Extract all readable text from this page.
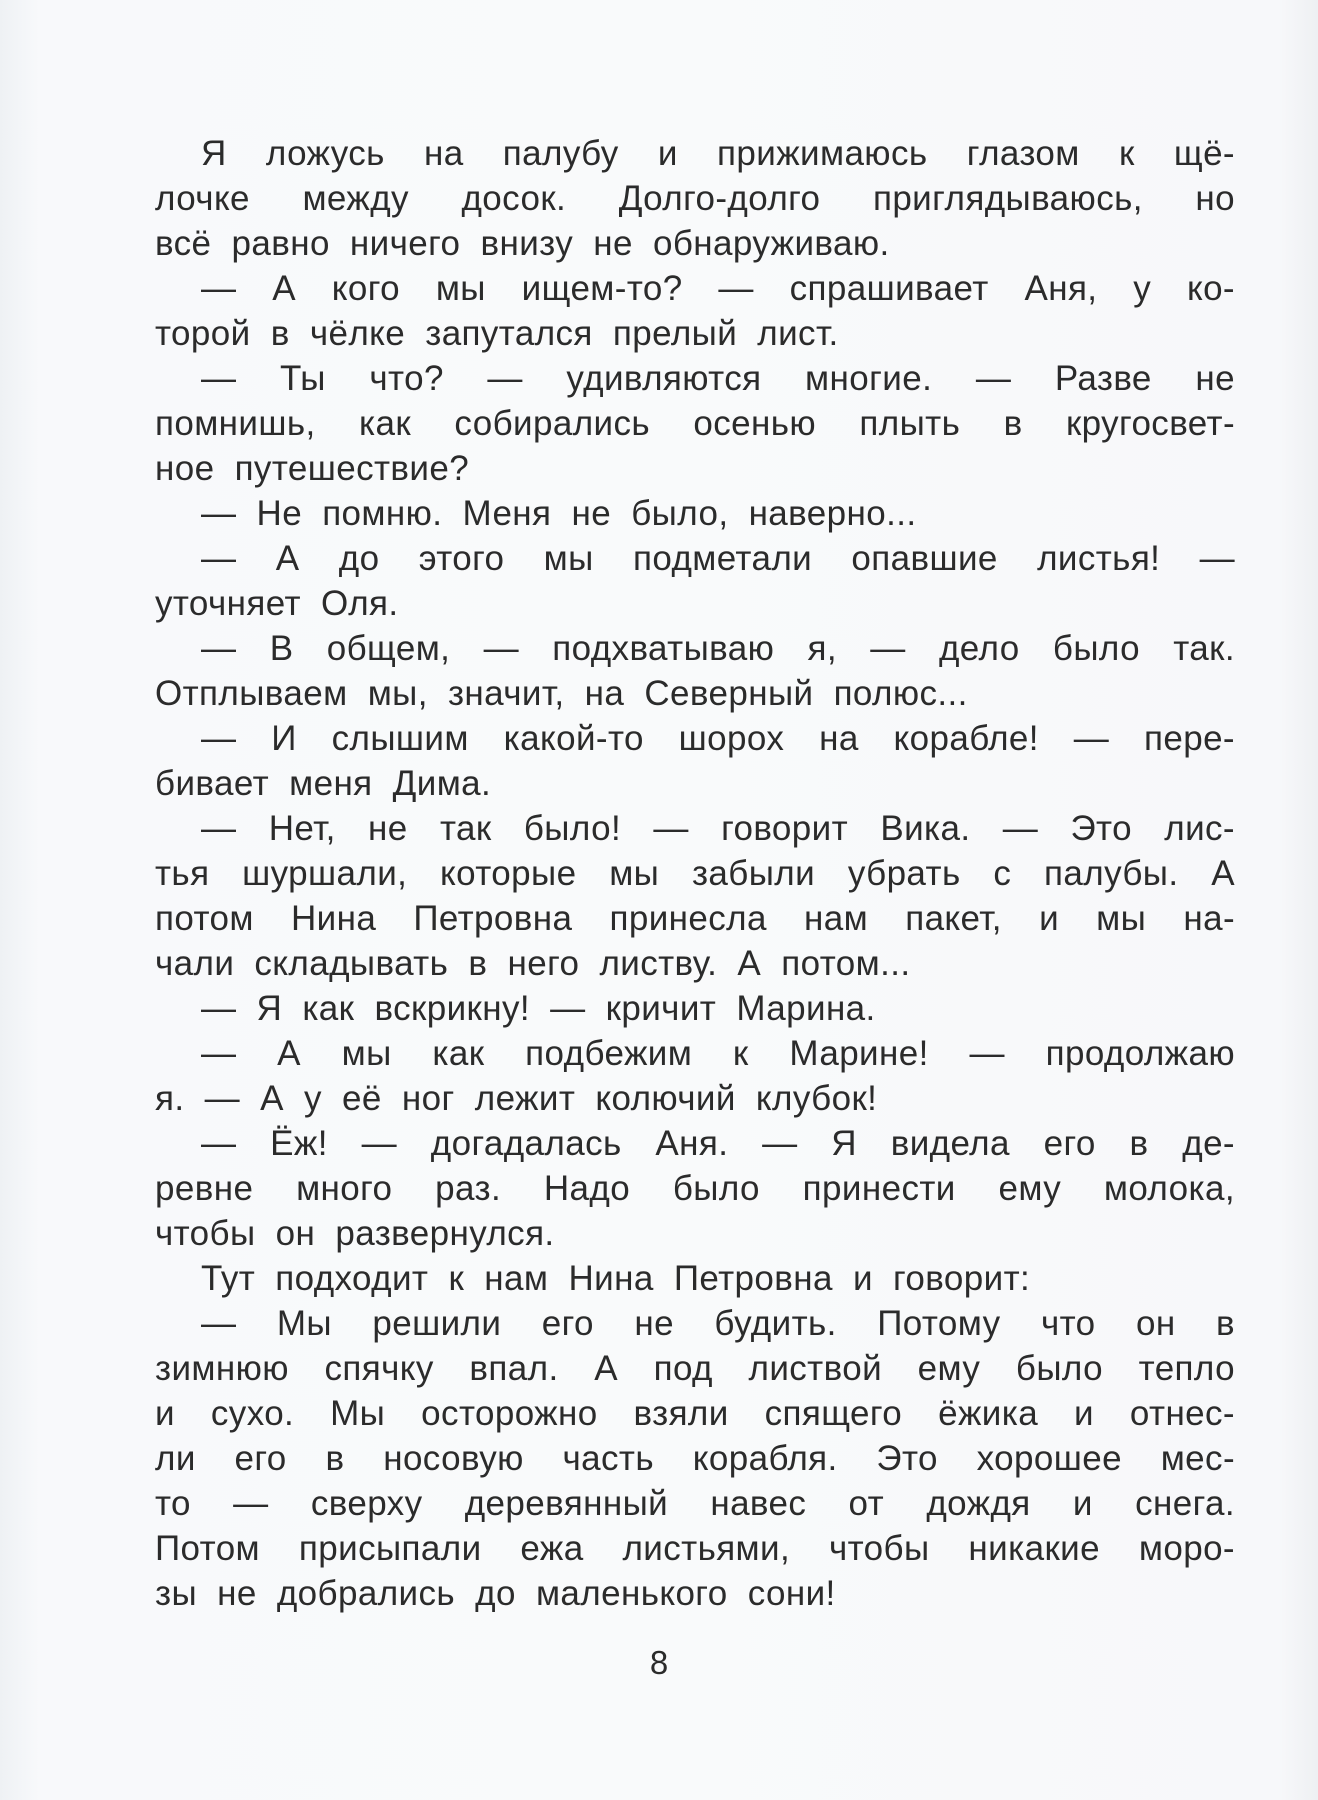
Я ложусь на палубу и прижимаюсь глазом к щё-
лочке между досок. Долго-долго приглядываюсь, но
всё равно ничего внизу не обнаруживаю.
— А кого мы ищем-то? — спрашивает Аня, у ко-
торой в чёлке запутался прелый лист.
— Ты что? — удивляются многие. — Разве не
помнишь, как собирались осенью плыть в кругосвет-
ное путешествие?
— Не помню. Меня не было, наверно...
— А до этого мы подметали опавшие листья! —
уточняет Оля.
— В общем, — подхватываю я, — дело было так.
Отплываем мы, значит, на Северный полюс...
— И слышим какой-то шорох на корабле! — пере-
бивает меня Дима.
— Нет, не так было! — говорит Вика. — Это лис-
тья шуршали, которые мы забыли убрать с палубы. А
потом Нина Петровна принесла нам пакет, и мы на-
чали складывать в него листву. А потом...
— Я как вскрикну! — кричит Марина.
— А мы как подбежим к Марине! — продолжаю
я. — А у её ног лежит колючий клубок!
— Ёж! — догадалась Аня. — Я видела его в де-
ревне много раз. Надо было принести ему молока,
чтобы он развернулся.
Тут подходит к нам Нина Петровна и говорит:
— Мы решили его не будить. Потому что он в
зимнюю спячку впал. А под листвой ему было тепло
и сухо. Мы осторожно взяли спящего ёжика и отнес-
ли его в носовую часть корабля. Это хорошее мес-
то — сверху деревянный навес от дождя и снега.
Потом присыпали ежа листьями, чтобы никакие моро-
зы не добрались до маленького сони!
8
